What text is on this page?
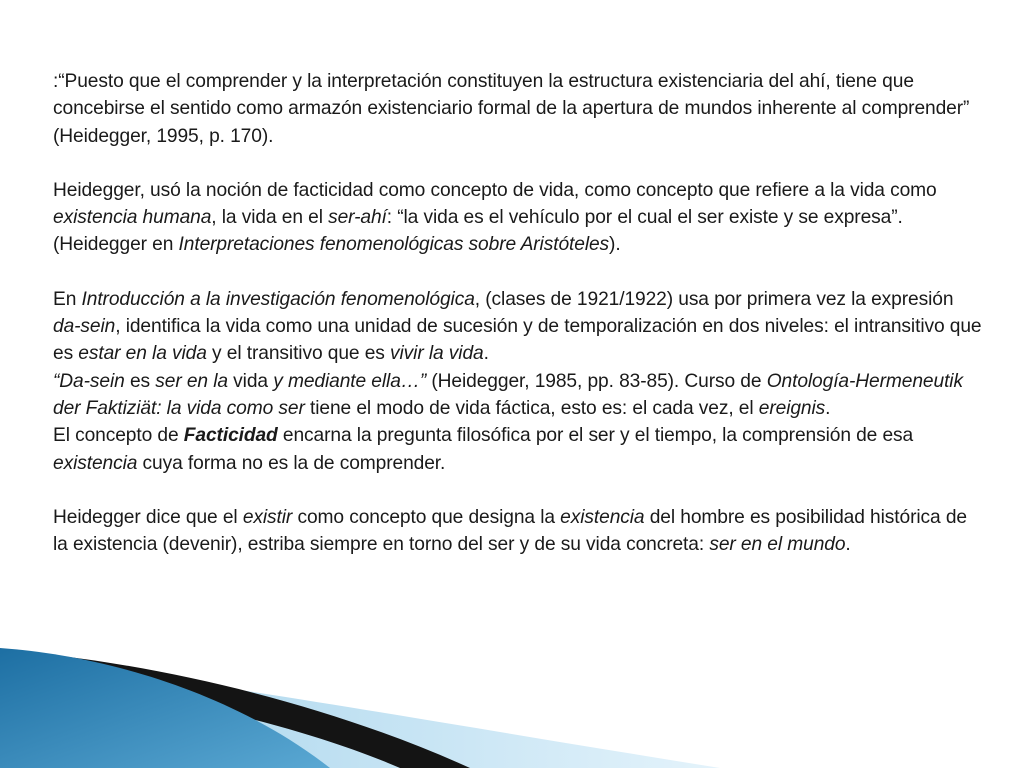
:“Puesto que el comprender y la interpretación constituyen la estructura existenciaria del ahí, tiene que concebirse el sentido como armazón existenciario formal de la apertura de mundos inherente al comprender” (Heidegger, 1995, p. 170).

Heidegger, usó la noción de facticidad como concepto de vida, como concepto que refiere a la vida como existencia humana, la vida en el ser-ahí: “la vida es el vehículo por el cual el ser existe y se expresa”. (Heidegger en Interpretaciones fenomenológicas sobre Aristóteles).

En Introducción a la investigación fenomenológica, (clases de 1921/1922) usa por primera vez la expresión da-sein, identifica la vida como una unidad de sucesión y de temporalización en dos niveles: el intransitivo que es estar en la vida y el transitivo que es vivir la vida.

“Da-sein es ser en la vida y mediante ella…” (Heidegger, 1985, pp. 83-85). Curso de Ontología-Hermeneutik der Faktiziät: la vida como ser tiene el modo de vida fáctica, esto es: el cada vez, el ereignis.

El concepto de Facticidad encarna la pregunta filosófica por el ser y el tiempo, la comprensión de esa existencia cuya forma no es la de comprender.

Heidegger dice que el existir como concepto que designa la existencia del hombre es posibilidad histórica de la existencia (devenir), estriba siempre en torno del ser y de su vida concreta: ser en el mundo.
